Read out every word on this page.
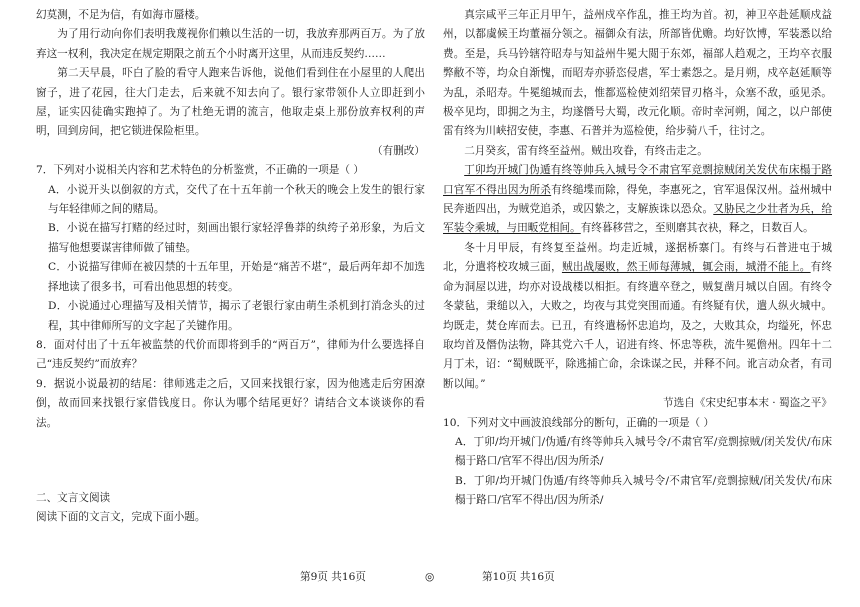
幻莫测，不足为信，有如海市蜃楼。

为了用行动向你们表明我蔑视你们赖以生活的一切，我放弃那两百万。为了放弃这一权利，我决定在规定期限之前五个小时离开这里，从而违反契约……

第二天早晨，吓白了脸的看守人跑来告诉他，说他们看到住在小屋里的人爬出窗子，进了花园，往大门走去，后来就不知去向了。银行家带领仆人立即赶到小屋，证实囚徒确实跑掉了。为了杜绝无谓的流言，他取走桌上那份放弃权利的声明，回到房间，把它锁进保险柜里。

（有删改）

7．下列对小说相关内容和艺术特色的分析鉴赏，不正确的一项是（ ）

A．小说开头以倒叙的方式，交代了在十五年前一个秋天的晚会上发生的银行家与年轻律师之间的赌局。

B．小说在描写打赌的经过时，刻画出银行家轻浮鲁莽的纨绔子弟形象，为后文描写他想要谋害律师做了铺垫。

C．小说描写律师在被囚禁的十五年里，开始是“痛苦不堪”，最后两年却不加选择地读了很多书，可看出他思想的转变。

D．小说通过心理描写及相关情节，揭示了老银行家由萌生杀机到打消念头的过程，其中律师所写的文字起了关键作用。

8．面对付出了十五年被监禁的代价而即将到手的“两百万”，律师为什么要选择自己“违反契约”而放弃？

9．据说小说最初的结尾：律师逃走之后，又回来找银行家，因为他逃走后穷困潦倒，故而回来找银行家借钱度日。你认为哪个结尾更好？请结合文本谈谈你的看法。

二、文言文阅读

阅读下面的文言文，完成下面小题。

真宗咸平三年正月甲午，益州戍卒作乱，推王均为首。初，神卫卒赴延顺戍益州，以都虞候王均董福分领之。福御众有法，所部皆优赡。均好饮博，军装悉以给费。至是，兵马钤辖符昭寿与知益州牛冕大閲于东郊，福部人趋观之，王均卒衣服弊敝不等，均众自渐愧，而昭寿亦骄恣侵虐，军士素怨之。是月朔，戍卒赵延顺等为乱，杀昭寿。牛冕缒城而去，惟都巡检使刘绍荣冒刃格斗，众塞不敌，亟见杀。极卒见均，即拥之为主，均遂僭号大蜀，改元化顺。帝时幸河朔，闻之，以户部使雷有终为川峡招安使，李惠、石普并为巡检使，给步骑八千，往讨之。

二月癸亥，雷有终至益州。贼出攻眷，有终击走之。

丁卯均开城门伪遁有终等帅兵入城号令不肃官军竞剽掠贼闭关发伏布床榻于路口官军不得出因为所杀有终缒堞而除，得免，李惠死之，官军退保汉州。益州城中民奔逝四出，为贼党追杀，或囚絷之，支解族诛以恐众。又胁民之少壮者为兵，给军装令乘城，与田畈党相间。有终暮移营之，至则磨其衣袂，释之，日数百人。

冬十月甲辰，有终复至益州。均走近城，遂据桥寨门。有终与石普进屯于城北，分遣将校攻城三面，贼出战屡败，然王师每薄城，辄会雨，城滑不能上。有终命为洞屋以进，均亦对设战楼以相拒。有终遣卒登之，贼复凿月城以自固。有终令冬蒙毡，秉缒以入，大败之，均夜与其党突围而通。有终疑有伏，遣人纵火城中。均既走，焚仓库而去。已丑，有终遣杨怀忠追均，及之，大败其众，均缢死，怀忠取均首及僭伪法物，降其党六千人，诏进有终、怀忠等秩，流牛冕儋州。四年十二月丁未，诏：“蜀贼既平，除逃捕亡命，余诛谋之民，并释不问。讹言动众者，有司断以闻。”

节选自《宋史纪事本末 · 蜀盗之平》

10．下列对文中画波浪线部分的断句，正确的一项是（ ）

A．丁卯/均开城门/伪遁/有终等帅兵入城号令/不肃官军/竞剽掠贼/闭关发伏/布床榻于路口/官军不得出/因为所杀/

B．丁卯/均开城门伪遁/有终等帅兵入城号令/不肃官军/竞剽掠贼/闭关发伏/布床榻于路口/官军不得出/因为所杀/

第9页 共16页	◎	第10页 共16页
